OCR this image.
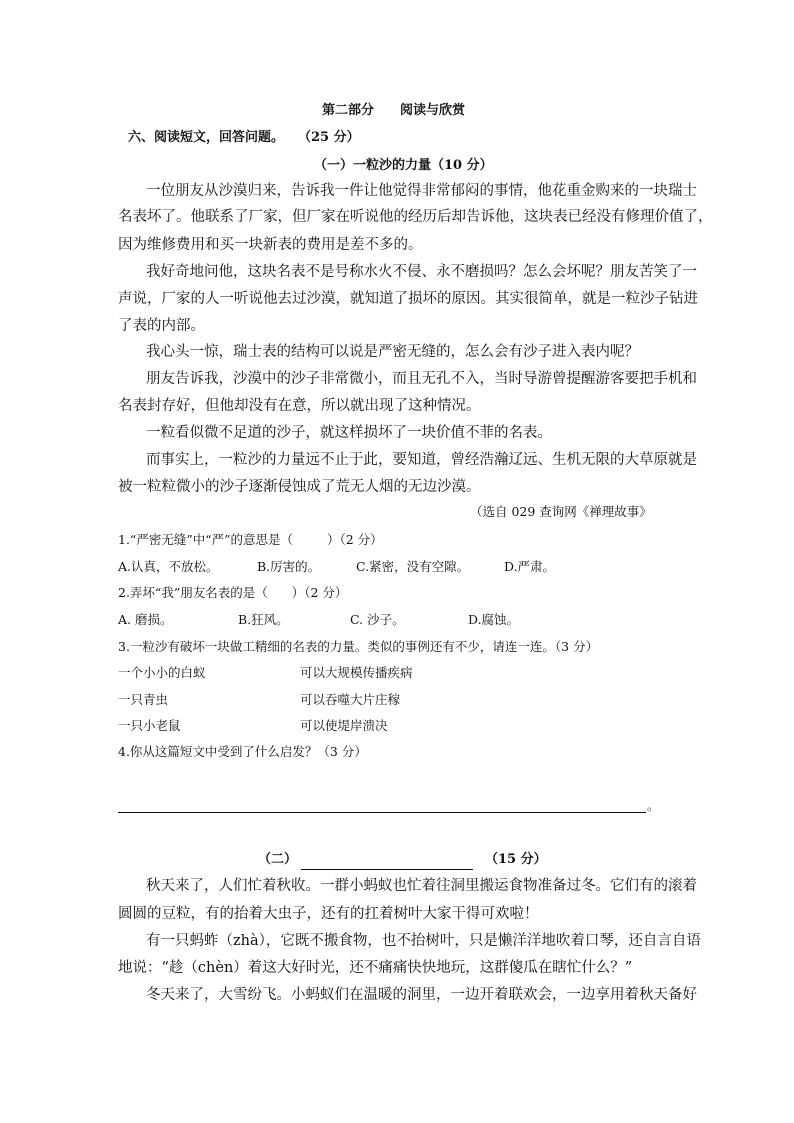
第二部分 阅读与欣赏
六、阅读短文，回答问题。 （25 分）
（一）一粒沙的力量（10 分）
一位朋友从沙漠归来，告诉我一件让他觉得非常郁闷的事情，他花重金购来的一块瑞士
名表坏了。他联系了厂家，但厂家在听说他的经历后却告诉他，这块表已经没有修理价值了，
因为维修费用和买一块新表的费用是差不多的。
我好奇地问他，这块名表不是号称水火不侵、永不磨损吗？怎么会坏呢？朋友苦笑了一
声说，厂家的人一听说他去过沙漠，就知道了损坏的原因。其实很简单，就是一粒沙子钻进
了表的内部。
我心头一惊，瑞士表的结构可以说是严密无缝的，怎么会有沙子进入表内呢？
朋友告诉我，沙漠中的沙子非常微小，而且无孔不入，当时导游曾提醒游客要把手机和
名表封存好，但他却没有在意，所以就出现了这种情况。
一粒看似微不足道的沙子，就这样损坏了一块价值不菲的名表。
而事实上，一粒沙的力量远不止于此，要知道，曾经浩瀚辽远、生机无限的大草原就是
被一粒粒微小的沙子逐渐侵蚀成了荒无人烟的无边沙漠。
（选自 029 查询网《禅理故事》
1.“严密无缝”中“严”的意思是（	）（2 分）
A.认真，不放松。	B.厉害的。	C.紧密，没有空隙。	D.严肃。
2.弄坏“我”朋友名表的是（ ）（2 分）
A. 磨损。	B.狂风。	C. 沙子。	D.腐蚀。
3.一粒沙有破坏一块做工精细的名表的力量。类似的事例还有不少，请连一连。（3 分）
一个小小的白蚁	可以大规模传播疾病
一只青虫	可以吞噬大片庄稼
一只小老鼠	可以使堤岸溃决
4.你从这篇短文中受到了什么启发？（3 分）
。
（二）	（15 分）
秋天来了，人们忙着秋收。一群小蚂蚁也忙着往洞里搬运食物准备过冬。它们有的滚着
圆圆的豆粒，有的抬着大虫子，还有的扛着树叶大家干得可欢啦！
有一只蚂蚱（zhà），它既不搬食物，也不抬树叶，只是懒洋洋地吹着口琴，还自言自语
地说：“趁（chèn）着这大好时光，还不痛痛快快地玩，这群傻瓜在瞎忙什么？”
冬天来了，大雪纷飞。小蚂蚁们在温暖的洞里，一边开着联欢会，一边享用着秋天备好
